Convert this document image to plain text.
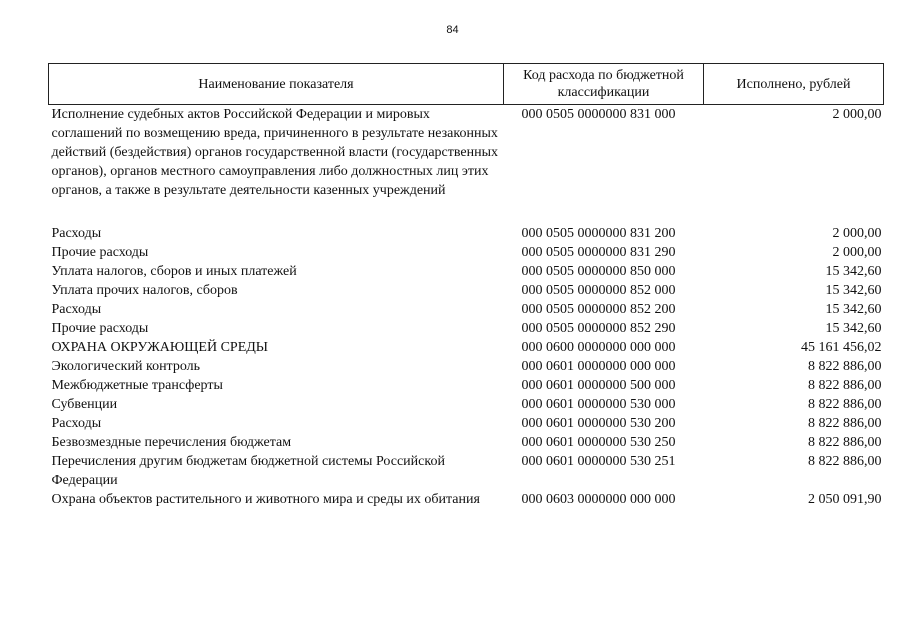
84
Наименование показателя	Код расхода по бюджетной классификации	Исполнено, рублей
Исполнение судебных актов Российской Федерации и мировых соглашений по возмещению вреда, причиненного в результате незаконных действий (бездействия) органов государственной власти (государственных органов), органов местного самоуправления либо должностных лиц этих органов, а также в результате деятельности казенных учреждений	000 0505 0000000 831 000	2 000,00

Расходы	000 0505 0000000 831 200	2 000,00
Прочие расходы	000 0505 0000000 831 290	2 000,00
Уплата налогов, сборов и иных платежей	000 0505 0000000 850 000	15 342,60
Уплата прочих налогов, сборов	000 0505 0000000 852 000	15 342,60
Расходы	000 0505 0000000 852 200	15 342,60
Прочие расходы	000 0505 0000000 852 290	15 342,60
ОХРАНА ОКРУЖАЮЩЕЙ СРЕДЫ	000 0600 0000000 000 000	45 161 456,02
Экологический контроль	000 0601 0000000 000 000	8 822 886,00
Межбюджетные трансферты	000 0601 0000000 500 000	8 822 886,00
Субвенции	000 0601 0000000 530 000	8 822 886,00
Расходы	000 0601 0000000 530 200	8 822 886,00
Безвозмездные перечисления бюджетам	000 0601 0000000 530 250	8 822 886,00
Перечисления другим бюджетам бюджетной системы Российской Федерации	000 0601 0000000 530 251	8 822 886,00
Охрана объектов растительного и животного мира и среды их обитания	000 0603 0000000 000 000	2 050 091,90
